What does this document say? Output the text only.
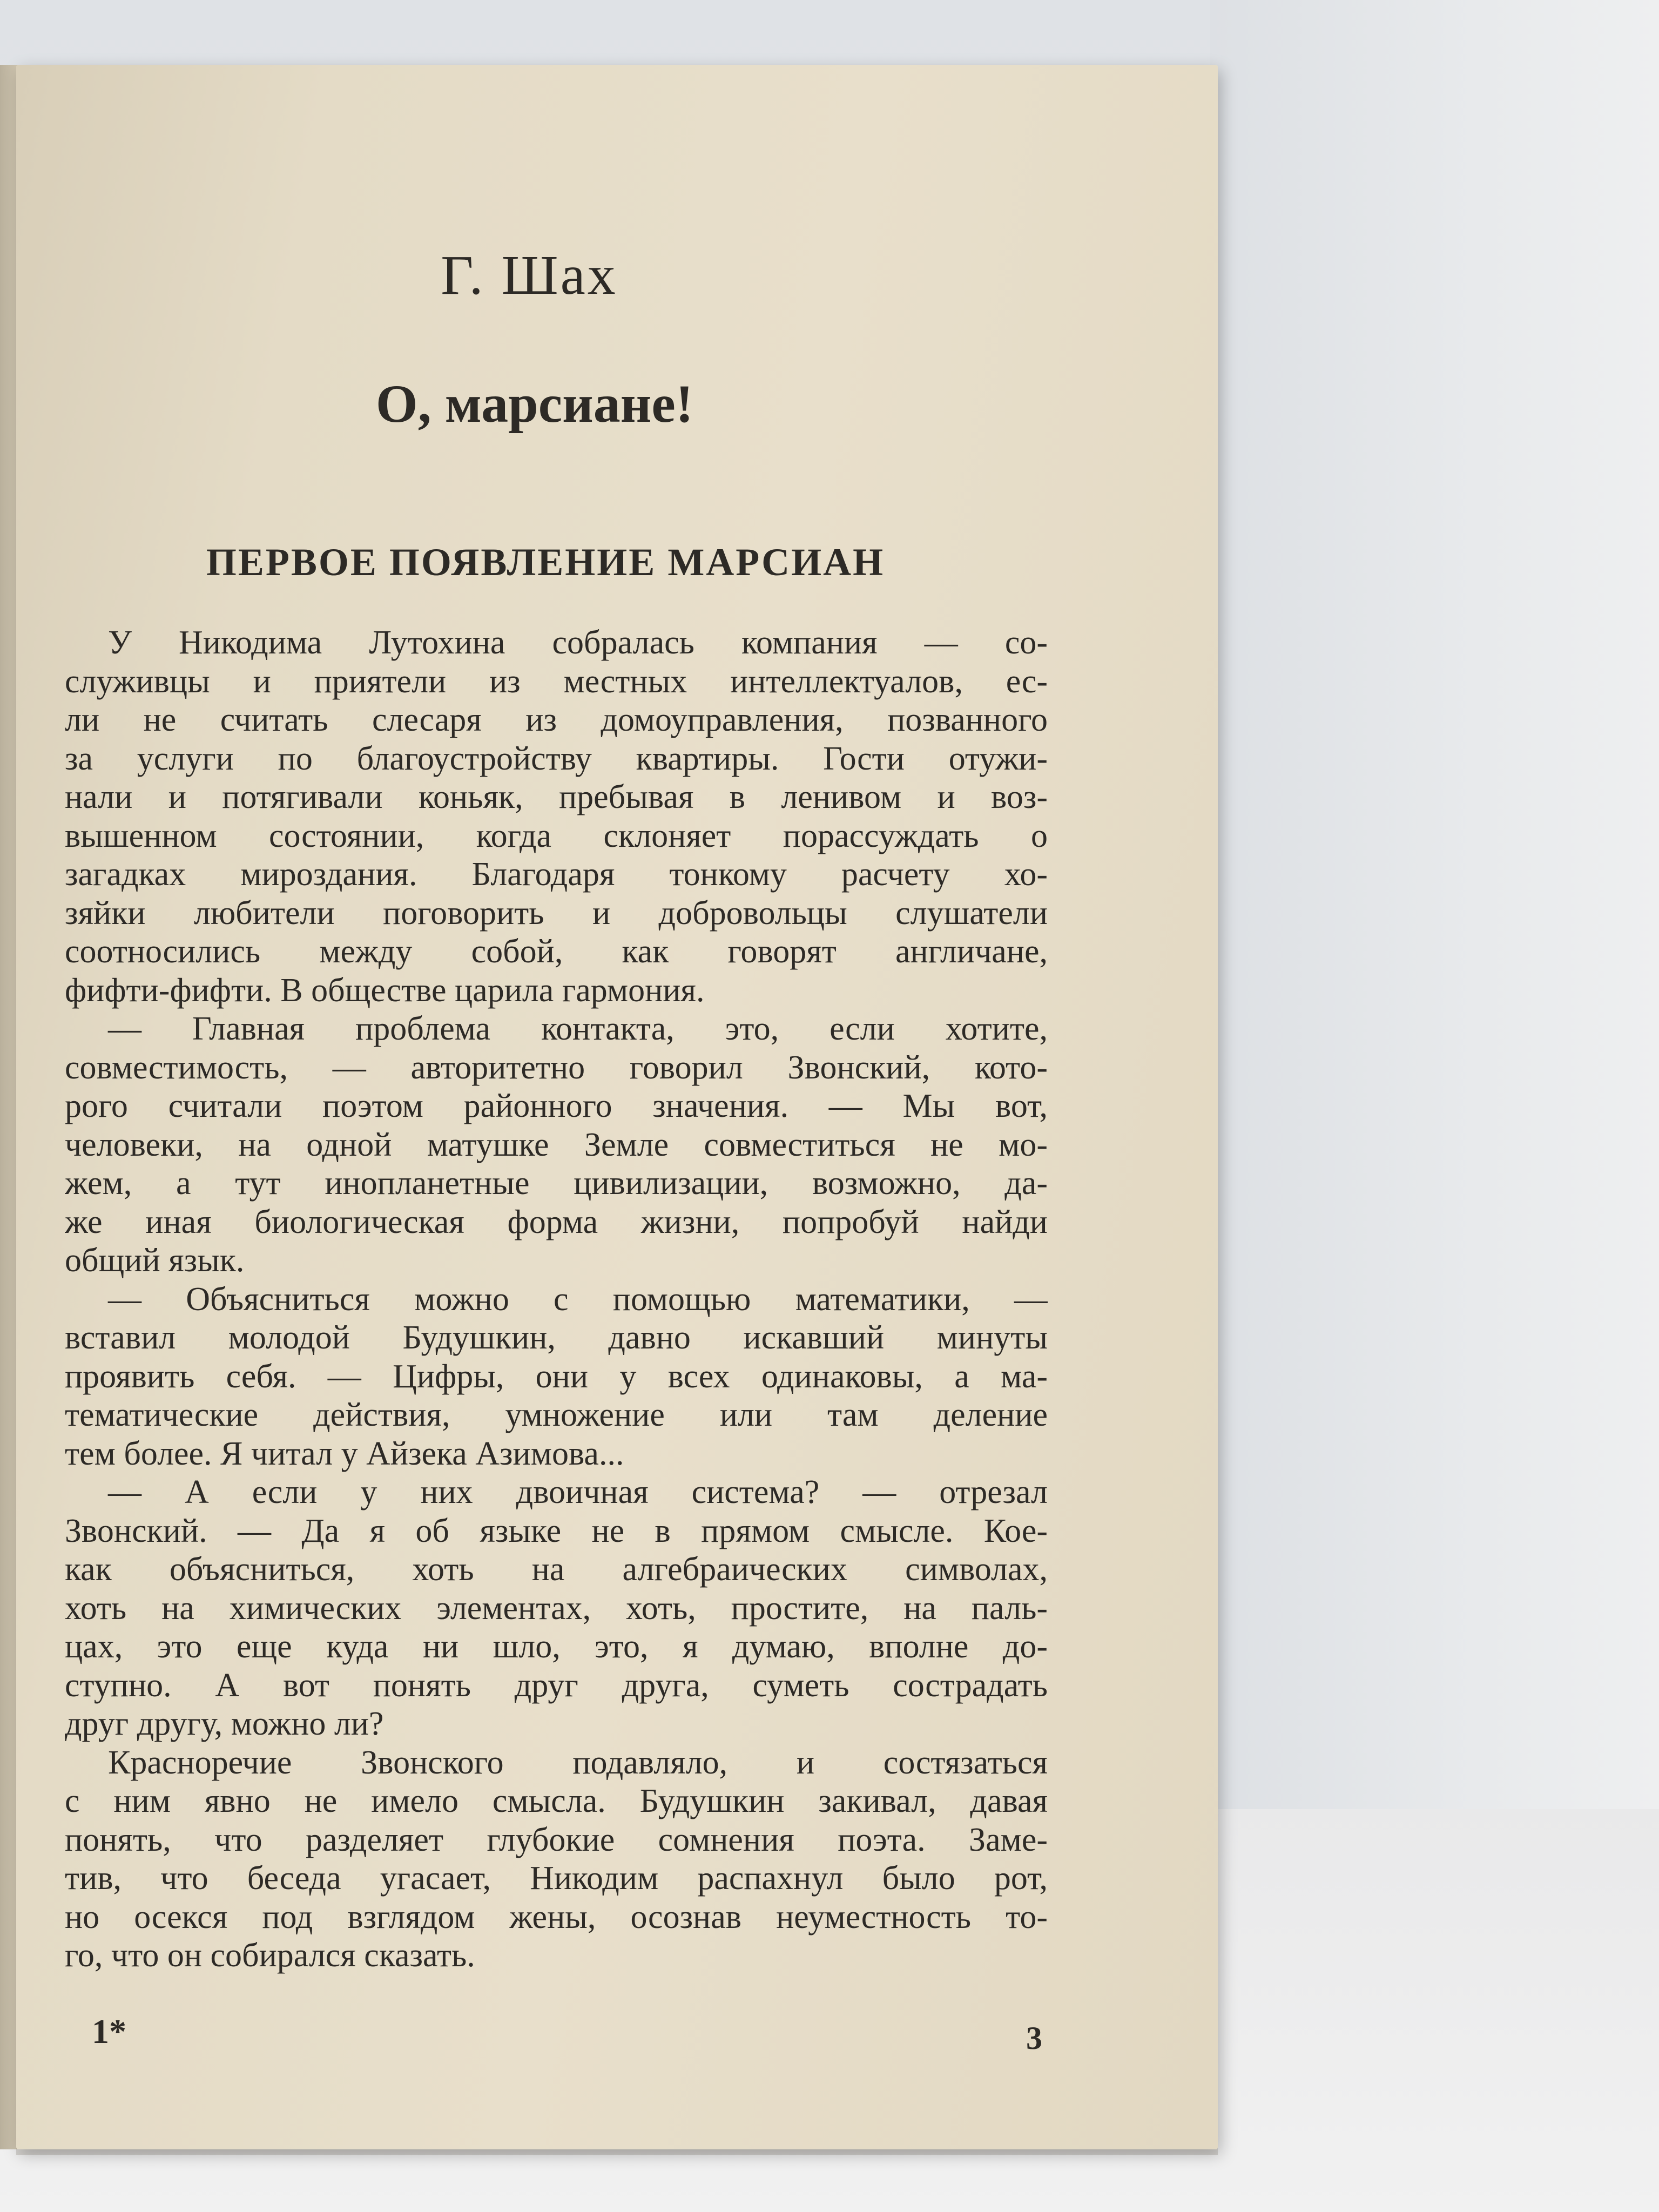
Г. Шах
О, марсиане!
ПЕРВОЕ ПОЯВЛЕНИЕ МАРСИАН
У Никодима Лутохина собралась компания — со-
служивцы и приятели из местных интеллектуалов, ес-
ли не считать слесаря из домоуправления, позванного
за услуги по благоустройству квартиры. Гости отужи-
нали и потягивали коньяк, пребывая в ленивом и воз-
вышенном состоянии, когда склоняет порассуждать о
загадках мироздания. Благодаря тонкому расчету хо-
зяйки любители поговорить и добровольцы слушатели
соотносились между собой, как говорят англичане,
фифти-фифти. В обществе царила гармония.
— Главная проблема контакта, это, если хотите,
совместимость, — авторитетно говорил Звонский, кото-
рого считали поэтом районного значения. — Мы вот,
человеки, на одной матушке Земле совместиться не мо-
жем, а тут инопланетные цивилизации, возможно, да-
же иная биологическая форма жизни, попробуй найди
общий язык.
— Объясниться можно с помощью математики, —
вставил молодой Будушкин, давно искавший минуты
проявить себя. — Цифры, они у всех одинаковы, а ма-
тематические действия, умножение или там деление
тем более. Я читал у Айзека Азимова...
— А если у них двоичная система? — отрезал
Звонский. — Да я об языке не в прямом смысле. Кое-
как объясниться, хоть на алгебраических символах,
хоть на химических элементах, хоть, простите, на паль-
цах, это еще куда ни шло, это, я думаю, вполне до-
ступно. А вот понять друг друга, суметь сострадать
друг другу, можно ли?
Красноречие Звонского подавляло, и состязаться
с ним явно не имело смысла. Будушкин закивал, давая
понять, что разделяет глубокие сомнения поэта. Заме-
тив, что беседа угасает, Никодим распахнул было рот,
но осекся под взглядом жены, осознав неуместность то-
го, что он собирался сказать.
1*	3
